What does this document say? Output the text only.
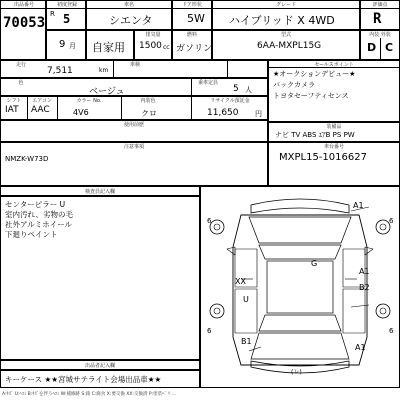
出品番号
70053
初度登録
R 5
9 月
車名
シエンタ
自家用
排気量
1500 cc
ドア形状
5W
燃料
ガソリン
グレード
ハイブリッド X 4WD
型式
6AA-MXPL15G
評価点
R
内装 外装
D C
走行
7,511	km
車検
色
ベージュ
乗車定員
5 人
シフト
IAT
エアコン
AAC
カラー No.
4V6
内装色
クロ
リサイクル預託金
11,650 円
使用前歴
セールスポイント
★オークションデビュー★
バックカメラ
トヨタセーフティセンス
装備品
ナビ TV ABS ｴｱB PS PW
注意事項
NMZK-W73D
車台番号
MXPL15-1016627
検査員記入欄
センターピラー U
室内汚れ、劣物の毛
社外アルミホイール
下廻りペイント
出品者記入欄
キーケース ★★宮城サテライト会場出品車★★
A1
G
XX
A1
U
B2
B1
A1
6	6
6	6
(レ)
A:ｷｽﾞ U:ﾍｺﾐ B:ｷｽﾞを伴うﾍｺﾐ W:補修跡 S:錆 C:腐食 X:要交換 XX:交換済 P:塗装ﾍﾞ ﾘ ...
